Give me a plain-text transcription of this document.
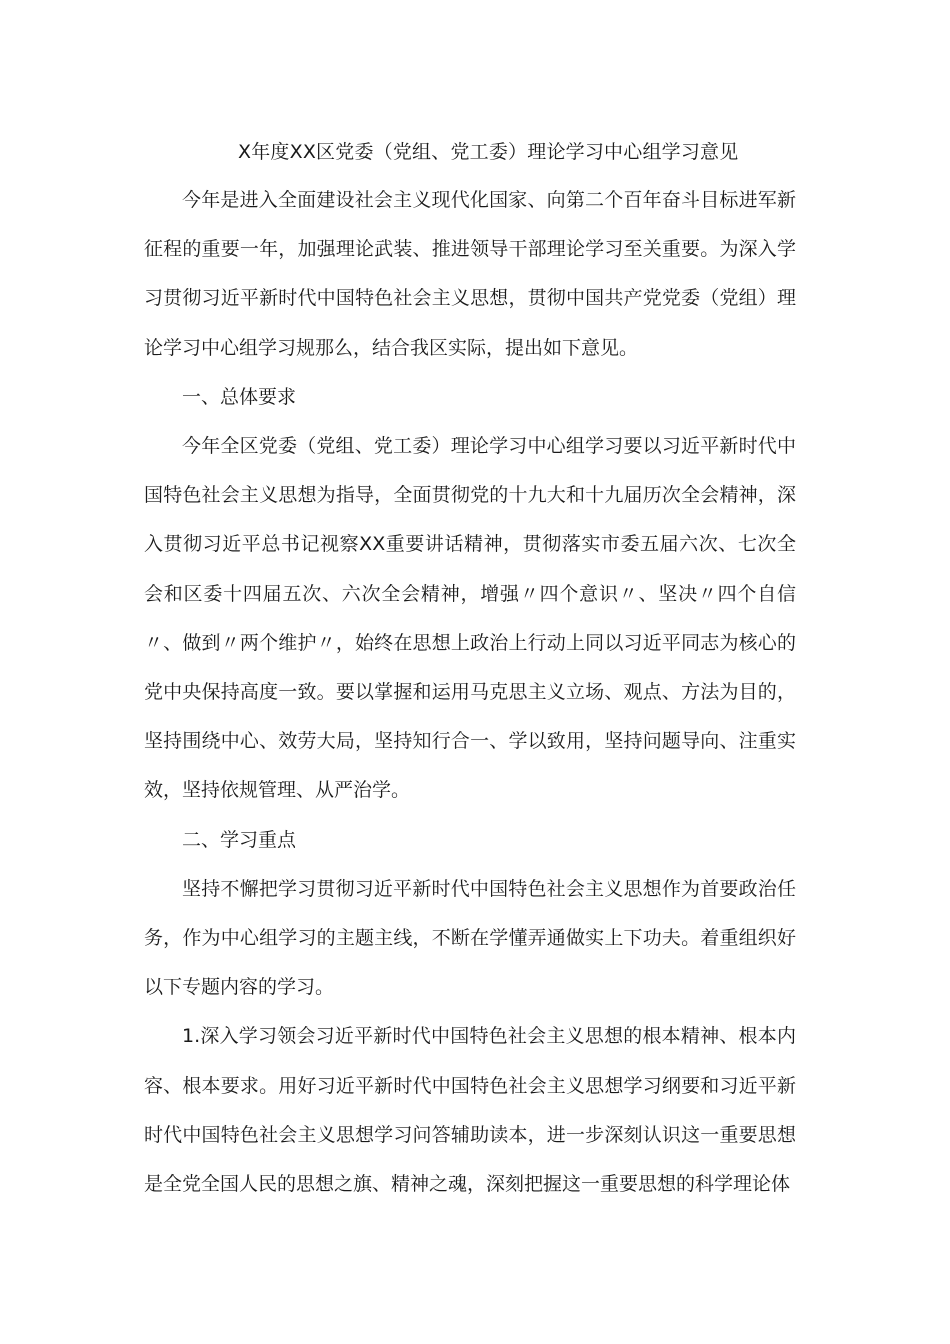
X年度XX区党委（党组、党工委）理论学习中心组学习意见

今年是进入全面建设社会主义现代化国家、向第二个百年奋斗目标进军新征程的重要一年，加强理论武装、推进领导干部理论学习至关重要。为深入学习贯彻习近平新时代中国特色社会主义思想，贯彻中国共产党党委（党组）理论学习中心组学习规那么，结合我区实际，提出如下意见。

一、总体要求

今年全区党委（党组、党工委）理论学习中心组学习要以习近平新时代中国特色社会主义思想为指导，全面贯彻党的十九大和十九届历次全会精神，深入贯彻习近平总书记视察XX重要讲话精神，贯彻落实市委五届六次、七次全会和区委十四届五次、六次全会精神，增强〃四个意识〃、坚决〃四个自信〃、做到〃两个维护〃，始终在思想上政治上行动上同以习近平同志为核心的党中央保持高度一致。要以掌握和运用马克思主义立场、观点、方法为目的，坚持围绕中心、效劳大局，坚持知行合一、学以致用，坚持问题导向、注重实效，坚持依规管理、从严治学。

二、学习重点

坚持不懈把学习贯彻习近平新时代中国特色社会主义思想作为首要政治任务，作为中心组学习的主题主线，不断在学懂弄通做实上下功夫。着重组织好以下专题内容的学习。

1.深入学习领会习近平新时代中国特色社会主义思想的根本精神、根本内容、根本要求。用好习近平新时代中国特色社会主义思想学习纲要和习近平新时代中国特色社会主义思想学习问答辅助读本，进一步深刻认识这一重要思想是全党全国人民的思想之旗、精神之魂，深刻把握这一重要思想的科学理论体
